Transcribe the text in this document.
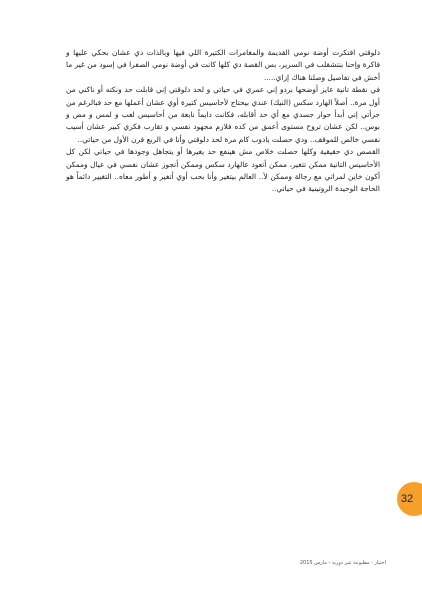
دلوقتي افتكرت أوضة نومي القديمة والمغامرات الكتيرة اللي فيها وبالذات دي عشان بحكي عليها و فاكرة وإحنا بنتشقلب في السرير، بس القصة دي كلها كانت في أوضة نومي الصفرا في إسود من غير ما أخش في تفاصيل وصلنا هناك إزاي.....

في نقطة تانية عايز أوضحها بردو إني عمري في حياتي و لحد دلوقتي إني قابلت حد ونكته أو ناكني من أول مرة.. أصلاً الهارد سكس (النيك) عندي بيحتاج لأحاسيس كتيرة أوي عشان أعملها مع حد فبالرغم من جرأتي إني أبدأ حوار جسدي مع أي حد أقابله، فكانت دايماً نابعة من أحاسيس لعب و لمس و مص و بوس.. لكن عشان تروح مستوى أعمق من كده فلازم مجهود نفسي و تقارب فكري كبير عشان أسيب نفسي خالص للموقف.. ودي حصلت يادوب كام مرة لحد دلوقتي وأنا في الربع قرن الأول من حياتي..

القصص دي حقيقية وكلها حصلت خلاص مش هينفع حد يغيرها أو يتجاهل وجودها في حياتي لكن كل الأحاسيس التانية ممكن تتغير، ممكن أتعود عالهارد سكس وممكن أتجوز عشان نفسي في عيال وممكن أكون خاين لمراتي مع رجالة وممكن لأ.. العالم بيتغير وأنا بحب أوي أتغير و أطور معاه.. التغيير دائماً هو الحاجة الوحيدة الروتينية في حياتي..

32
اختيار - مطبوعة غير دورية - مارس 2015
